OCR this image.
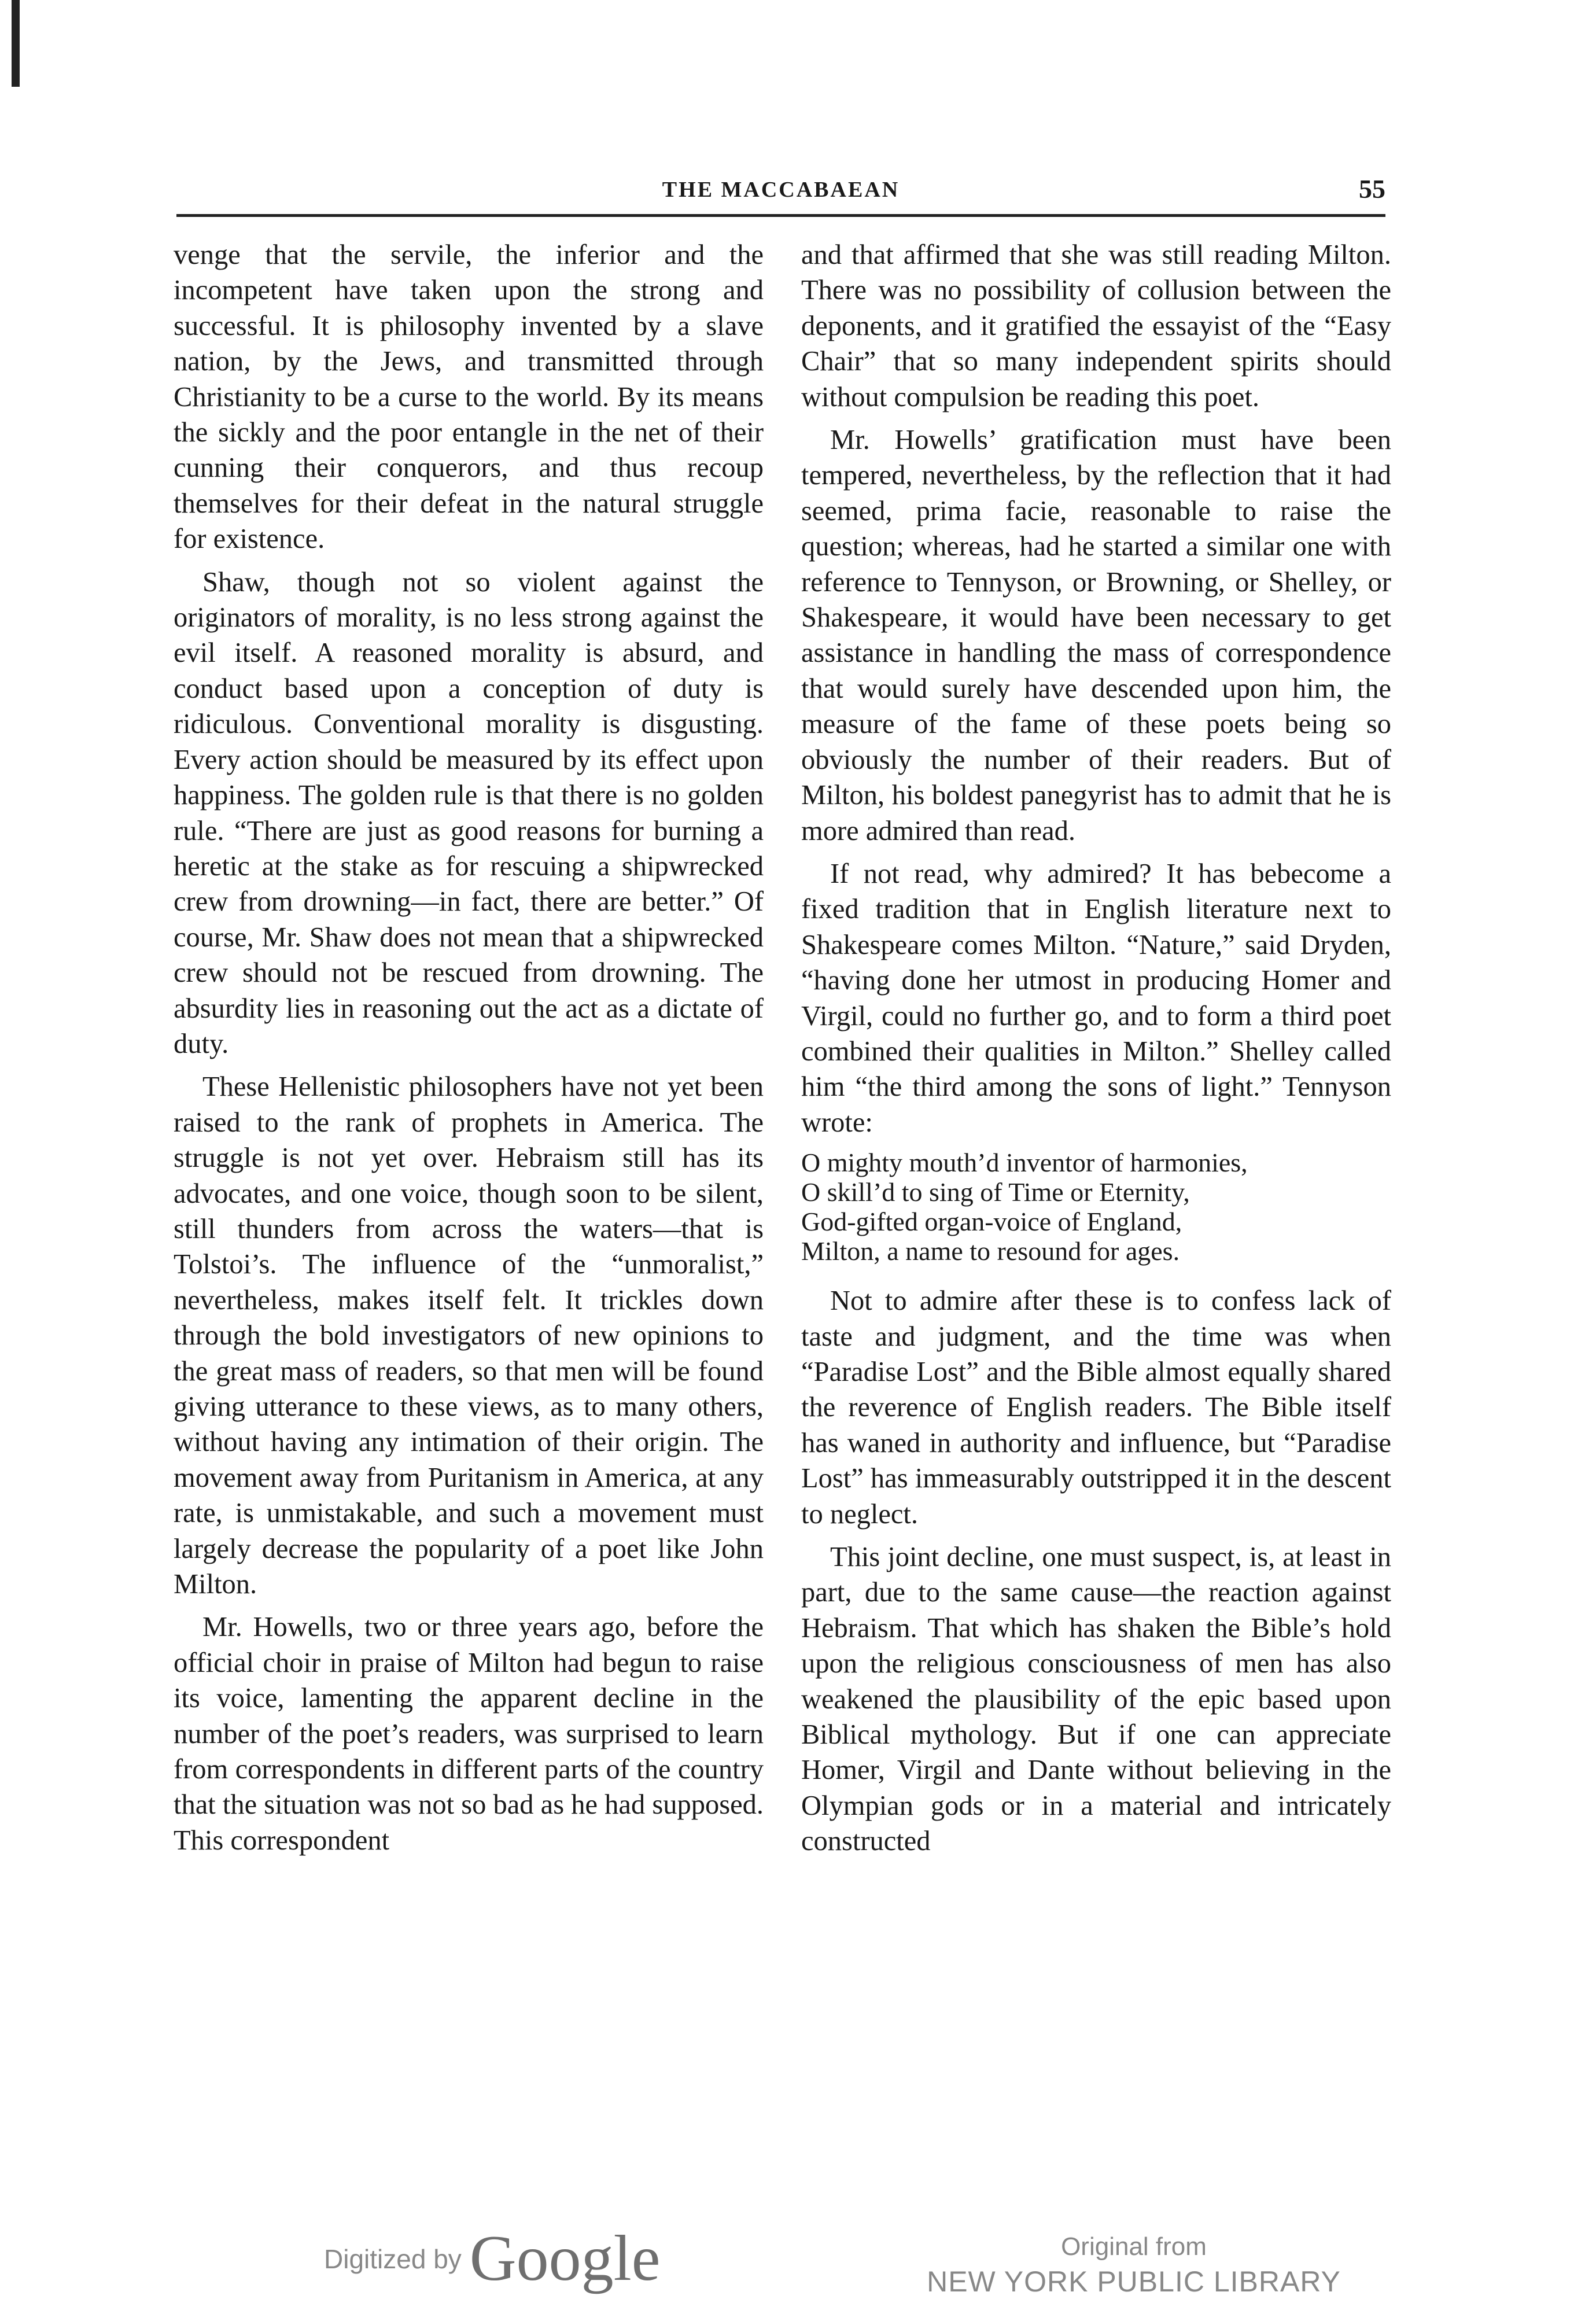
THE MACCABAEAN	55

venge that the servile, the inferior and the incompetent have taken upon the strong and successful. It is philosophy invented by a slave nation, by the Jews, and transmitted through Christianity to be a curse to the world. By its means the sickly and the poor entangle in the net of their cunning their conquerors, and thus recoup themselves for their defeat in the natural struggle for existence.

Shaw, though not so violent against the originators of morality, is no less strong against the evil itself. A reasoned morality is absurd, and conduct based upon a conception of duty is ridiculous. Conventional morality is disgusting. Every action should be measured by its effect upon happiness. The golden rule is that there is no golden rule. “There are just as good reasons for burning a heretic at the stake as for rescuing a shipwrecked crew from drowning—in fact, there are better.” Of course, Mr. Shaw does not mean that a shipwrecked crew should not be rescued from drowning. The absurdity lies in reasoning out the act as a dictate of duty.

These Hellenistic philosophers have not yet been raised to the rank of prophets in America. The struggle is not yet over. Hebraism still has its advocates, and one voice, though soon to be silent, still thunders from across the waters—that is Tolstoi’s. The influence of the “unmoralist,” nevertheless, makes itself felt. It trickles down through the bold investigators of new opinions to the great mass of readers, so that men will be found giving utterance to these views, as to many others, without having any intimation of their origin. The movement away from Puritanism in America, at any rate, is unmistakable, and such a movement must largely decrease the popularity of a poet like John Milton.

Mr. Howells, two or three years ago, before the official choir in praise of Milton had begun to raise its voice, lamenting the apparent decline in the number of the poet’s readers, was surprised to learn from correspondents in different parts of the country that the situation was not so bad as he had supposed. This correspondent

and that affirmed that she was still reading Milton. There was no possibility of collusion between the deponents, and it gratified the essayist of the “Easy Chair” that so many independent spirits should without compulsion be reading this poet.

Mr. Howells’ gratification must have been tempered, nevertheless, by the reflection that it had seemed, prima facie, reasonable to raise the question; whereas, had he started a similar one with reference to Tennyson, or Browning, or Shelley, or Shakespeare, it would have been necessary to get assistance in handling the mass of correspondence that would surely have descended upon him, the measure of the fame of these poets being so obviously the number of their readers. But of Milton, his boldest panegyrist has to admit that he is more admired than read.

If not read, why admired? It has bebecome a fixed tradition that in English literature next to Shakespeare comes Milton. “Nature,” said Dryden, “having done her utmost in producing Homer and Virgil, could no further go, and to form a third poet combined their qualities in Milton.” Shelley called him “the third among the sons of light.” Tennyson wrote:

O mighty mouth’d inventor of harmonies,
O skill’d to sing of Time or Eternity,
God-gifted organ-voice of England,
Milton, a name to resound for ages.

Not to admire after these is to confess lack of taste and judgment, and the time was when “Paradise Lost” and the Bible almost equally shared the reverence of English readers. The Bible itself has waned in authority and influence, but “Paradise Lost” has immeasurably outstripped it in the descent to neglect.

This joint decline, one must suspect, is, at least in part, due to the same cause—the reaction against Hebraism. That which has shaken the Bible’s hold upon the religious consciousness of men has also weakened the plausibility of the epic based upon Biblical mythology. But if one can appreciate Homer, Virgil and Dante without believing in the Olympian gods or in a material and intricately constructed

Digitized by Google	Original from
NEW YORK PUBLIC LIBRARY
